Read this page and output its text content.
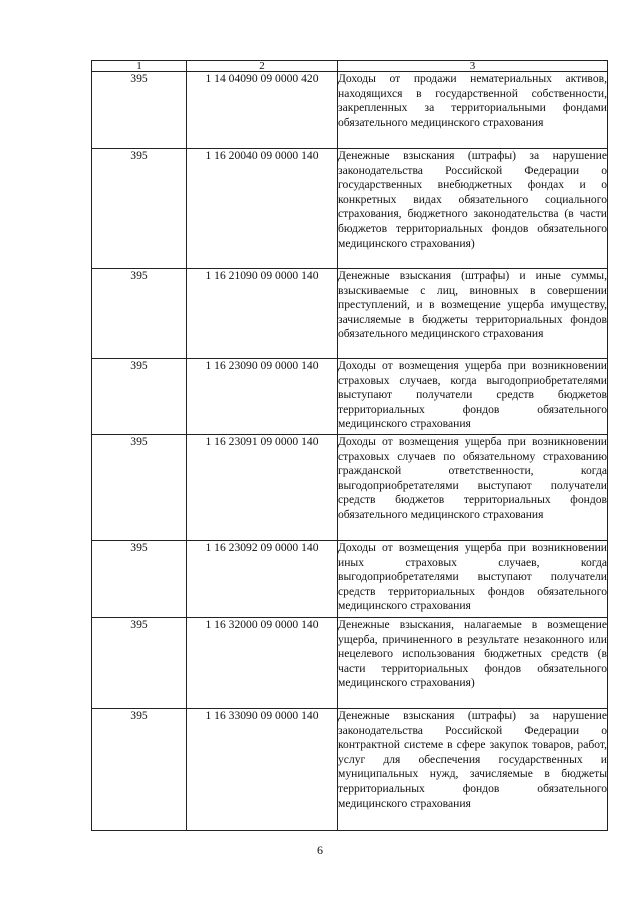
1	2	3
395	1 14 04090 09 0000 420	Доходы от продажи нематериальных активов, находящихся в государственной собственности, закрепленных за территориальными фондами обязательного медицинского страхования
395	1 16 20040 09 0000 140	Денежные взыскания (штрафы) за нарушение законодательства Российской Федерации о государственных внебюджетных фондах и о конкретных видах обязательного социального страхования, бюджетного законодательства (в части бюджетов территориальных фондов обязательного медицинского страхования)
395	1 16 21090 09 0000 140	Денежные взыскания (штрафы) и иные суммы, взыскиваемые с лиц, виновных в совершении преступлений, и в возмещение ущерба имуществу, зачисляемые в бюджеты территориальных фондов обязательного медицинского страхования
395	1 16 23090 09 0000 140	Доходы от возмещения ущерба при возникновении страховых случаев, когда выгодоприобретателями выступают получатели средств бюджетов территориальных фондов обязательного медицинского страхования
395	1 16 23091 09 0000 140	Доходы от возмещения ущерба при возникновении страховых случаев по обязательному страхованию гражданской ответственности, когда выгодоприобретателями выступают получатели средств бюджетов территориальных фондов обязательного медицинского страхования
395	1 16 23092 09 0000 140	Доходы от возмещения ущерба при возникновении иных страховых случаев, когда выгодоприобретателями выступают получатели средств территориальных фондов обязательного медицинского страхования
395	1 16 32000 09 0000 140	Денежные взыскания, налагаемые в возмещение ущерба, причиненного в результате незаконного или нецелевого использования бюджетных средств (в части территориальных фондов обязательного медицинского страхования)
395	1 16 33090 09 0000 140	Денежные взыскания (штрафы) за нарушение законодательства Российской Федерации о контрактной системе в сфере закупок товаров, работ, услуг для обеспечения государственных и муниципальных нужд, зачисляемые в бюджеты территориальных фондов обязательного медицинского страхования
6
